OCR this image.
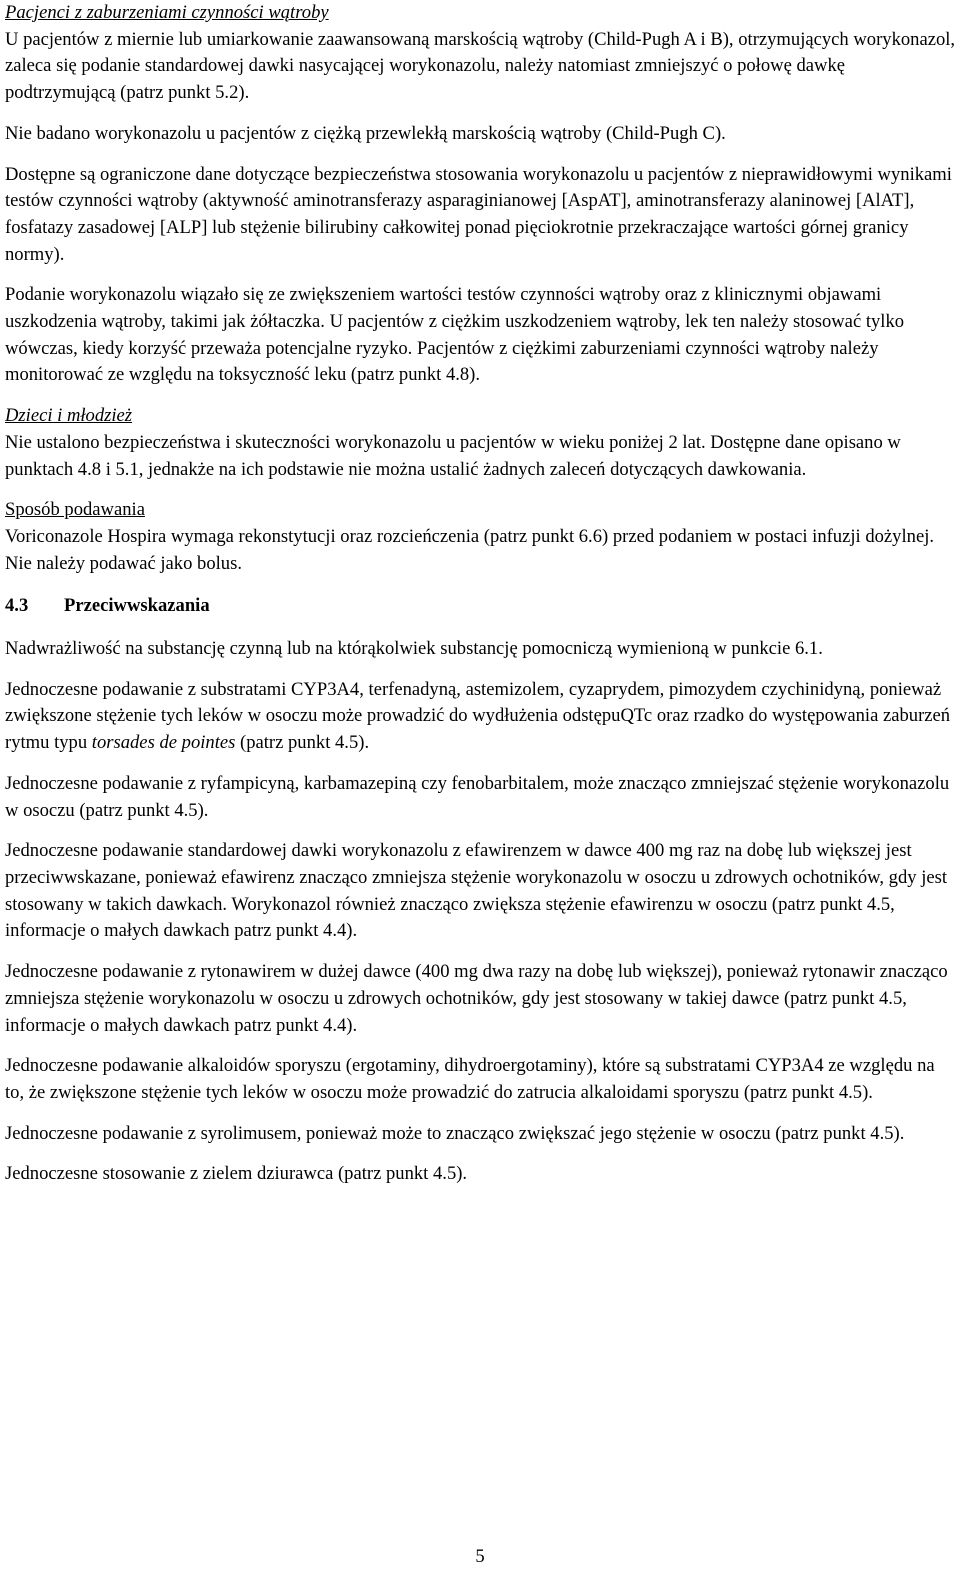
Pacjenci z zaburzeniami czynności wątroby

U pacjentów z miernie lub umiarkowanie zaawansowaną marskością wątroby (Child-Pugh A i B), otrzymujących worykonazol, zaleca się podanie standardowej dawki nasycającej worykonazolu, należy natomiast zmniejszyć o połowę dawkę podtrzymującą (patrz punkt 5.2).

Nie badano worykonazolu u pacjentów z ciężką przewlekłą marskością wątroby (Child-Pugh C).

Dostępne są ograniczone dane dotyczące bezpieczeństwa stosowania worykonazolu u pacjentów z nieprawidłowymi wynikami testów czynności wątroby (aktywność aminotransferazy asparaginianowej [AspAT], aminotransferazy alaninowej [AlAT], fosfatazy zasadowej [ALP] lub stężenie bilirubiny całkowitej ponad pięciokrotnie przekraczające wartości górnej granicy normy).

Podanie worykonazolu wiązało się ze zwiększeniem wartości testów czynności wątroby oraz z klinicznymi objawami uszkodzenia wątroby, takimi jak żółtaczka. U pacjentów z ciężkim uszkodzeniem wątroby, lek ten należy stosować tylko wówczas, kiedy korzyść przeważa potencjalne ryzyko. Pacjentów z ciężkimi zaburzeniami czynności wątroby należy monitorować ze względu na toksyczność leku (patrz punkt 4.8).

Dzieci i młodzież

Nie ustalono bezpieczeństwa i skuteczności worykonazolu u pacjentów w wieku poniżej 2 lat. Dostępne dane opisano w punktach 4.8 i 5.1, jednakże na ich podstawie nie można ustalić żadnych zaleceń dotyczących dawkowania.

Sposób podawania

Voriconazole Hospira wymaga rekonstytucji oraz rozcieńczenia (patrz punkt 6.6) przed podaniem w postaci infuzji dożylnej. Nie należy podawać jako bolus.

4.3 Przeciwwskazania

Nadwrażliwość na substancję czynną lub na którąkolwiek substancję pomocniczą wymienioną w punkcie 6.1.

Jednoczesne podawanie z substratami CYP3A4, terfenadyną, astemizolem, cyzaprydem, pimozydem czychinidyną, ponieważ zwiększone stężenie tych leków w osoczu może prowadzić do wydłużenia odstępuQTc oraz rzadko do występowania zaburzeń rytmu typu torsades de pointes (patrz punkt 4.5).

Jednoczesne podawanie z ryfampicyną, karbamazepiną czy fenobarbitalem, może znacząco zmniejszać stężenie worykonazolu w osoczu (patrz punkt 4.5).

Jednoczesne podawanie standardowej dawki worykonazolu z efawirenzem w dawce 400 mg raz na dobę lub większej jest przeciwwskazane, ponieważ efawirenz znacząco zmniejsza stężenie worykonazolu w osoczu u zdrowych ochotników, gdy jest stosowany w takich dawkach. Worykonazol również znacząco zwiększa stężenie efawirenzu w osoczu (patrz punkt 4.5, informacje o małych dawkach patrz punkt 4.4).

Jednoczesne podawanie z rytonawirem w dużej dawce (400 mg dwa razy na dobę lub większej), ponieważ rytonawir znacząco zmniejsza stężenie worykonazolu w osoczu u zdrowych ochotników, gdy jest stosowany w takiej dawce (patrz punkt 4.5, informacje o małych dawkach patrz punkt 4.4).

Jednoczesne podawanie alkaloidów sporyszu (ergotaminy, dihydroergotaminy), które są substratami CYP3A4 ze względu na to, że zwiększone stężenie tych leków w osoczu może prowadzić do zatrucia alkaloidami sporyszu (patrz punkt 4.5).

Jednoczesne podawanie z syrolimusem, ponieważ może to znacząco zwiększać jego stężenie w osoczu (patrz punkt 4.5).

Jednoczesne stosowanie z zielem dziurawca (patrz punkt 4.5).

5
